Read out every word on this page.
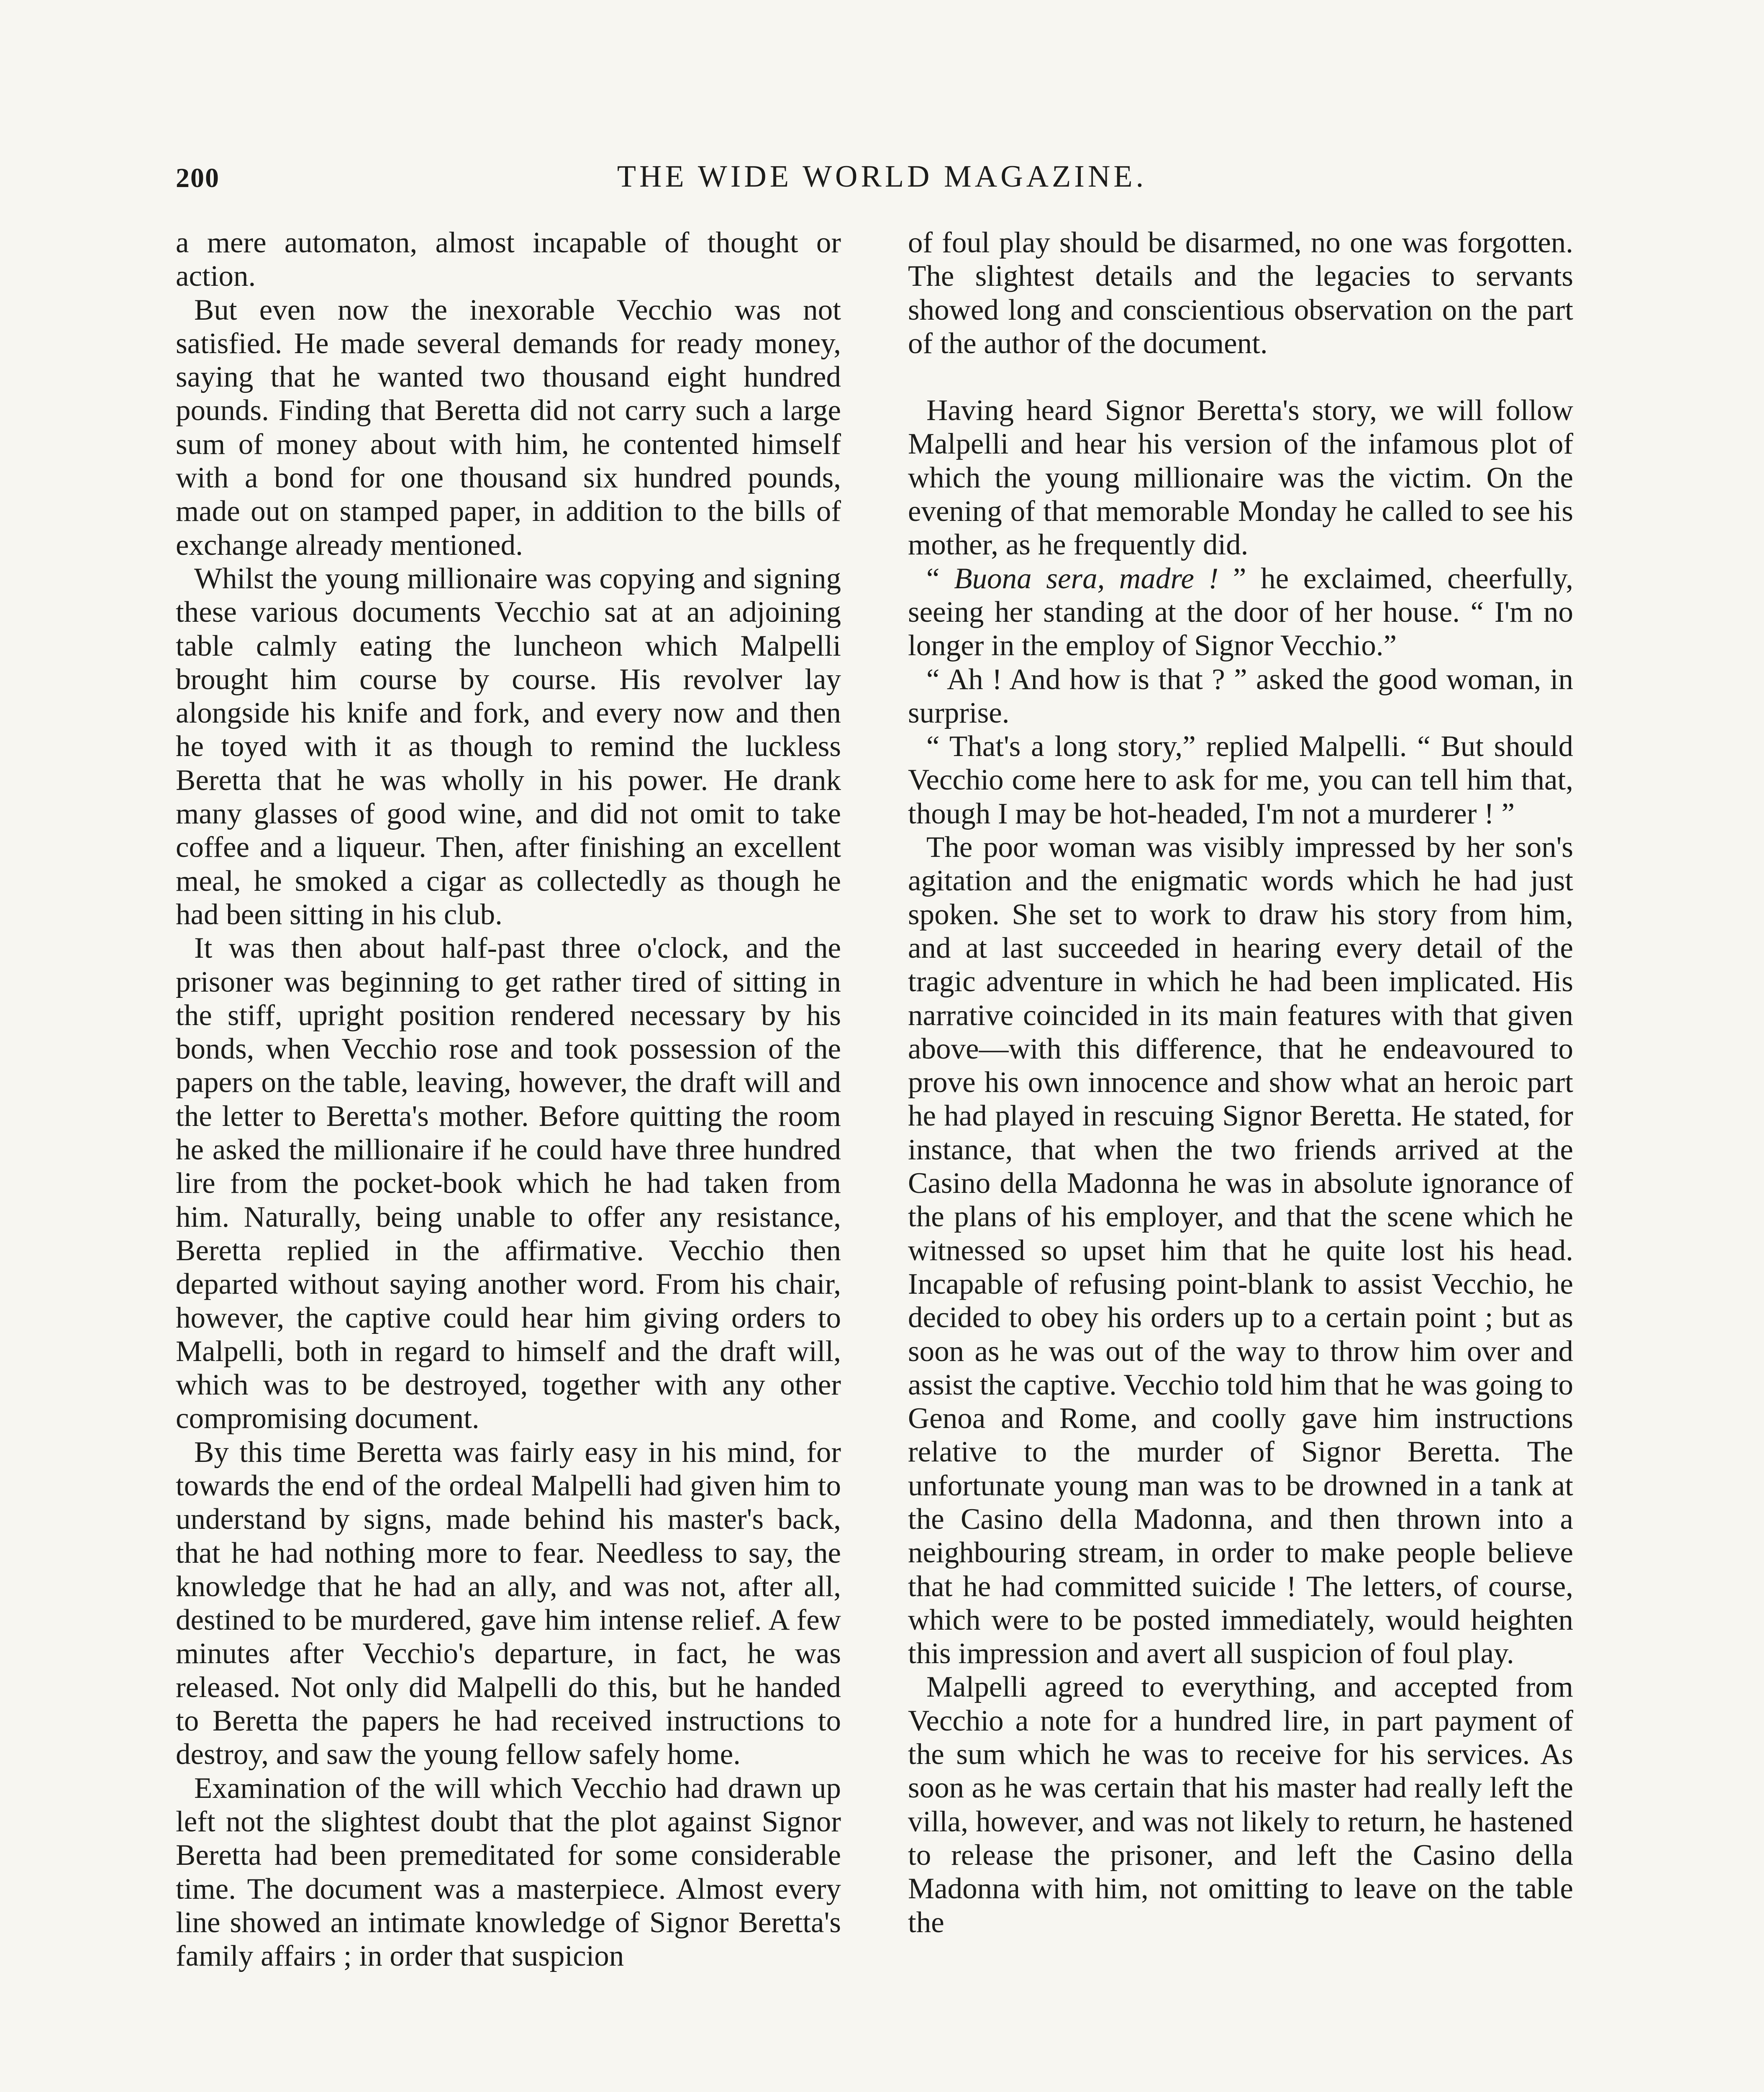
200	THE WIDE WORLD MAGAZINE.

a mere automaton, almost incapable of thought or action.

But even now the inexorable Vecchio was not satisfied. He made several demands for ready money, saying that he wanted two thousand eight hundred pounds. Finding that Beretta did not carry such a large sum of money about with him, he contented himself with a bond for one thousand six hundred pounds, made out on stamped paper, in addition to the bills of exchange already mentioned.

Whilst the young millionaire was copying and signing these various documents Vecchio sat at an adjoining table calmly eating the luncheon which Malpelli brought him course by course. His revolver lay alongside his knife and fork, and every now and then he toyed with it as though to remind the luckless Beretta that he was wholly in his power. He drank many glasses of good wine, and did not omit to take coffee and a liqueur. Then, after finishing an excellent meal, he smoked a cigar as collectedly as though he had been sitting in his club.

It was then about half-past three o'clock, and the prisoner was beginning to get rather tired of sitting in the stiff, upright position rendered necessary by his bonds, when Vecchio rose and took possession of the papers on the table, leaving, however, the draft will and the letter to Beretta's mother. Before quitting the room he asked the millionaire if he could have three hundred lire from the pocket-book which he had taken from him. Naturally, being unable to offer any resistance, Beretta replied in the affirmative. Vecchio then departed without saying another word. From his chair, however, the captive could hear him giving orders to Malpelli, both in regard to himself and the draft will, which was to be destroyed, together with any other compromising document.

By this time Beretta was fairly easy in his mind, for towards the end of the ordeal Malpelli had given him to understand by signs, made behind his master's back, that he had nothing more to fear. Needless to say, the knowledge that he had an ally, and was not, after all, destined to be murdered, gave him intense relief. A few minutes after Vecchio's departure, in fact, he was released. Not only did Malpelli do this, but he handed to Beretta the papers he had received instructions to destroy, and saw the young fellow safely home.

Examination of the will which Vecchio had drawn up left not the slightest doubt that the plot against Signor Beretta had been premeditated for some considerable time. The document was a masterpiece. Almost every line showed an intimate knowledge of Signor Beretta's family affairs ; in order that suspicion

of foul play should be disarmed, no one was forgotten. The slightest details and the legacies to servants showed long and conscientious observation on the part of the author of the document.

Having heard Signor Beretta's story, we will follow Malpelli and hear his version of the infamous plot of which the young millionaire was the victim. On the evening of that memorable Monday he called to see his mother, as he frequently did.

“ Buona sera, madre ! ” he exclaimed, cheerfully, seeing her standing at the door of her house. “ I'm no longer in the employ of Signor Vecchio.”

“ Ah ! And how is that ? ” asked the good woman, in surprise.

“ That's a long story,” replied Malpelli. “ But should Vecchio come here to ask for me, you can tell him that, though I may be hot-headed, I'm not a murderer ! ”

The poor woman was visibly impressed by her son's agitation and the enigmatic words which he had just spoken. She set to work to draw his story from him, and at last succeeded in hearing every detail of the tragic adventure in which he had been implicated. His narrative coincided in its main features with that given above—with this difference, that he endeavoured to prove his own innocence and show what an heroic part he had played in rescuing Signor Beretta. He stated, for instance, that when the two friends arrived at the Casino della Madonna he was in absolute ignorance of the plans of his employer, and that the scene which he witnessed so upset him that he quite lost his head. Incapable of refusing point-blank to assist Vecchio, he decided to obey his orders up to a certain point ; but as soon as he was out of the way to throw him over and assist the captive. Vecchio told him that he was going to Genoa and Rome, and coolly gave him instructions relative to the murder of Signor Beretta. The unfortunate young man was to be drowned in a tank at the Casino della Madonna, and then thrown into a neighbouring stream, in order to make people believe that he had committed suicide ! The letters, of course, which were to be posted immediately, would heighten this impression and avert all suspicion of foul play.

Malpelli agreed to everything, and accepted from Vecchio a note for a hundred lire, in part payment of the sum which he was to receive for his services. As soon as he was certain that his master had really left the villa, however, and was not likely to return, he hastened to release the prisoner, and left the Casino della Madonna with him, not omitting to leave on the table the
